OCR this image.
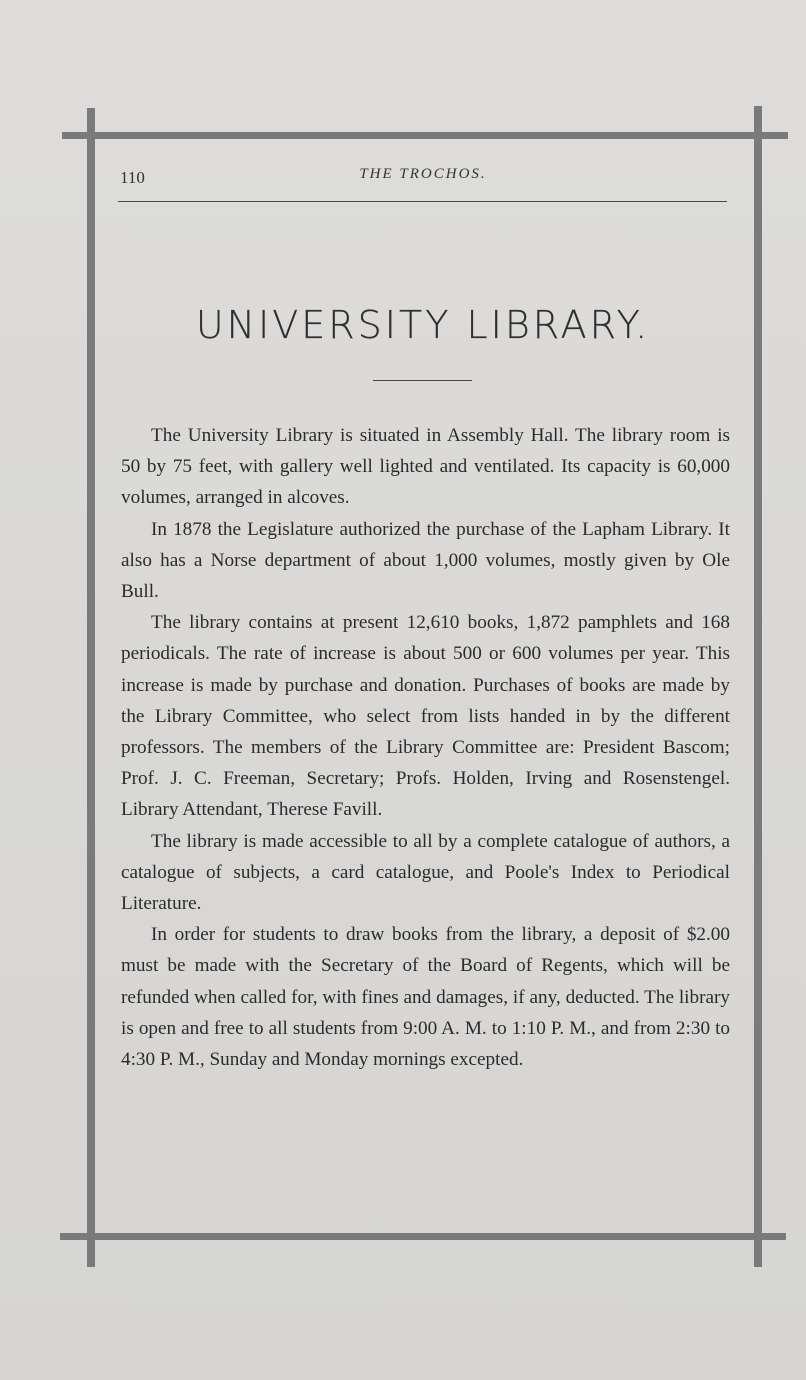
110	THE TROCHOS.
UNIVERSITY LIBRARY.

The University Library is situated in Assembly Hall. The library room is 50 by 75 feet, with gallery well lighted and ventilated. Its capacity is 60,000 volumes, arranged in alcoves.

In 1878 the Legislature authorized the purchase of the Lapham Library. It also has a Norse department of about 1,000 volumes, mostly given by Ole Bull.

The library contains at present 12,610 books, 1,872 pamphlets and 168 periodicals. The rate of increase is about 500 or 600 volumes per year. This increase is made by purchase and donation. Purchases of books are made by the Library Committee, who select from lists handed in by the different professors. The members of the Library Committee are: President Bascom; Prof. J. C. Freeman, Secretary; Profs. Holden, Irving and Rosenstengel. Library Attendant, Therese Favill.

The library is made accessible to all by a complete catalogue of authors, a catalogue of subjects, a card catalogue, and Poole's Index to Periodical Literature.

In order for students to draw books from the library, a deposit of $2.00 must be made with the Secretary of the Board of Regents, which will be refunded when called for, with fines and damages, if any, deducted. The library is open and free to all students from 9:00 A. M. to 1:10 P. M., and from 2:30 to 4:30 P. M., Sunday and Monday mornings excepted.
